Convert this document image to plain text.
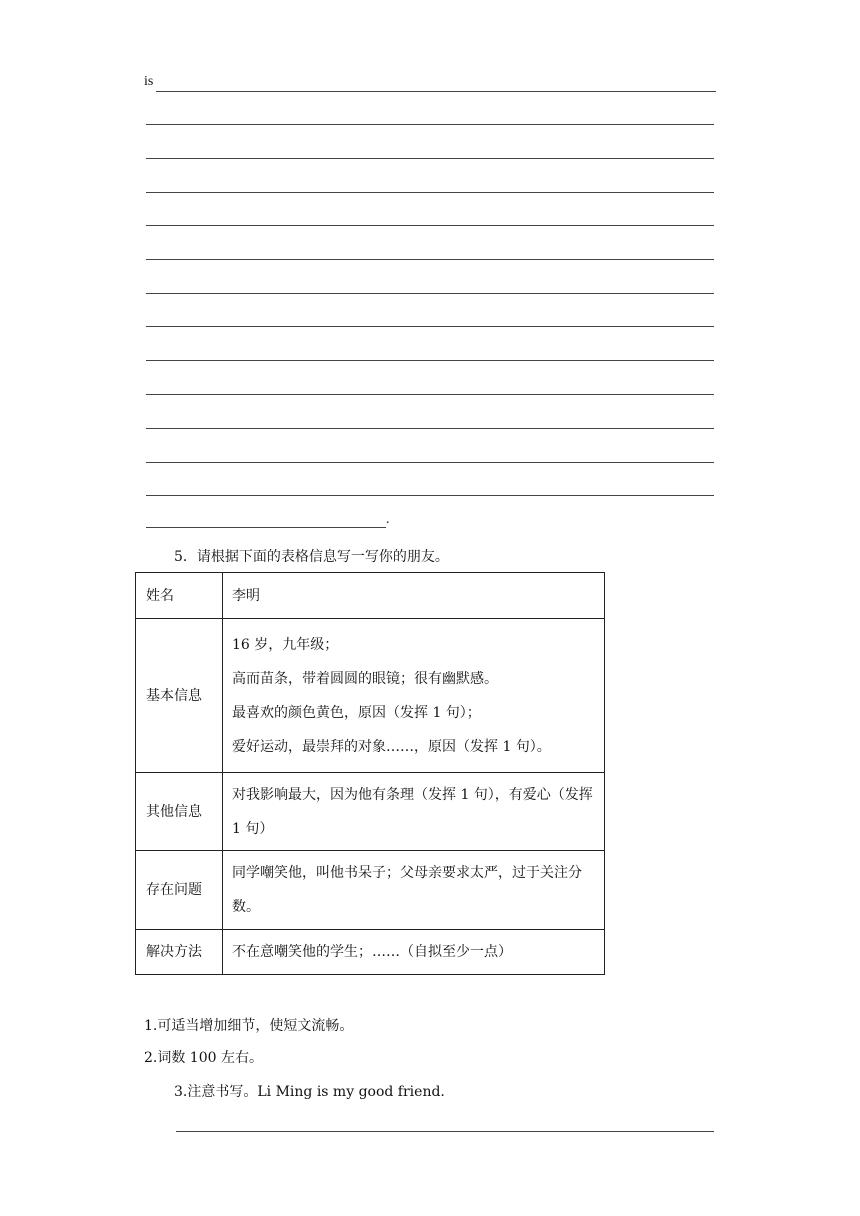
is
.
5．请根据下面的表格信息写一写你的朋友。
姓名	李明
基本信息	16 岁，九年级；
高而苗条，带着圆圆的眼镜；很有幽默感。
最喜欢的颜色黄色，原因（发挥 1 句）；
爱好运动，最崇拜的对象……，原因（发挥 1 句）。

其他信息	对我影响最大，因为他有条理（发挥 1 句），有爱心（发挥 1 句）
存在问题	同学嘲笑他，叫他书呆子；父母亲要求太严，过于关注分数。
解决方法	不在意嘲笑他的学生；……（自拟至少一点）
1.可适当增加细节，使短文流畅。
2.词数 100 左右。
3.注意书写。Li Ming is my good friend.
